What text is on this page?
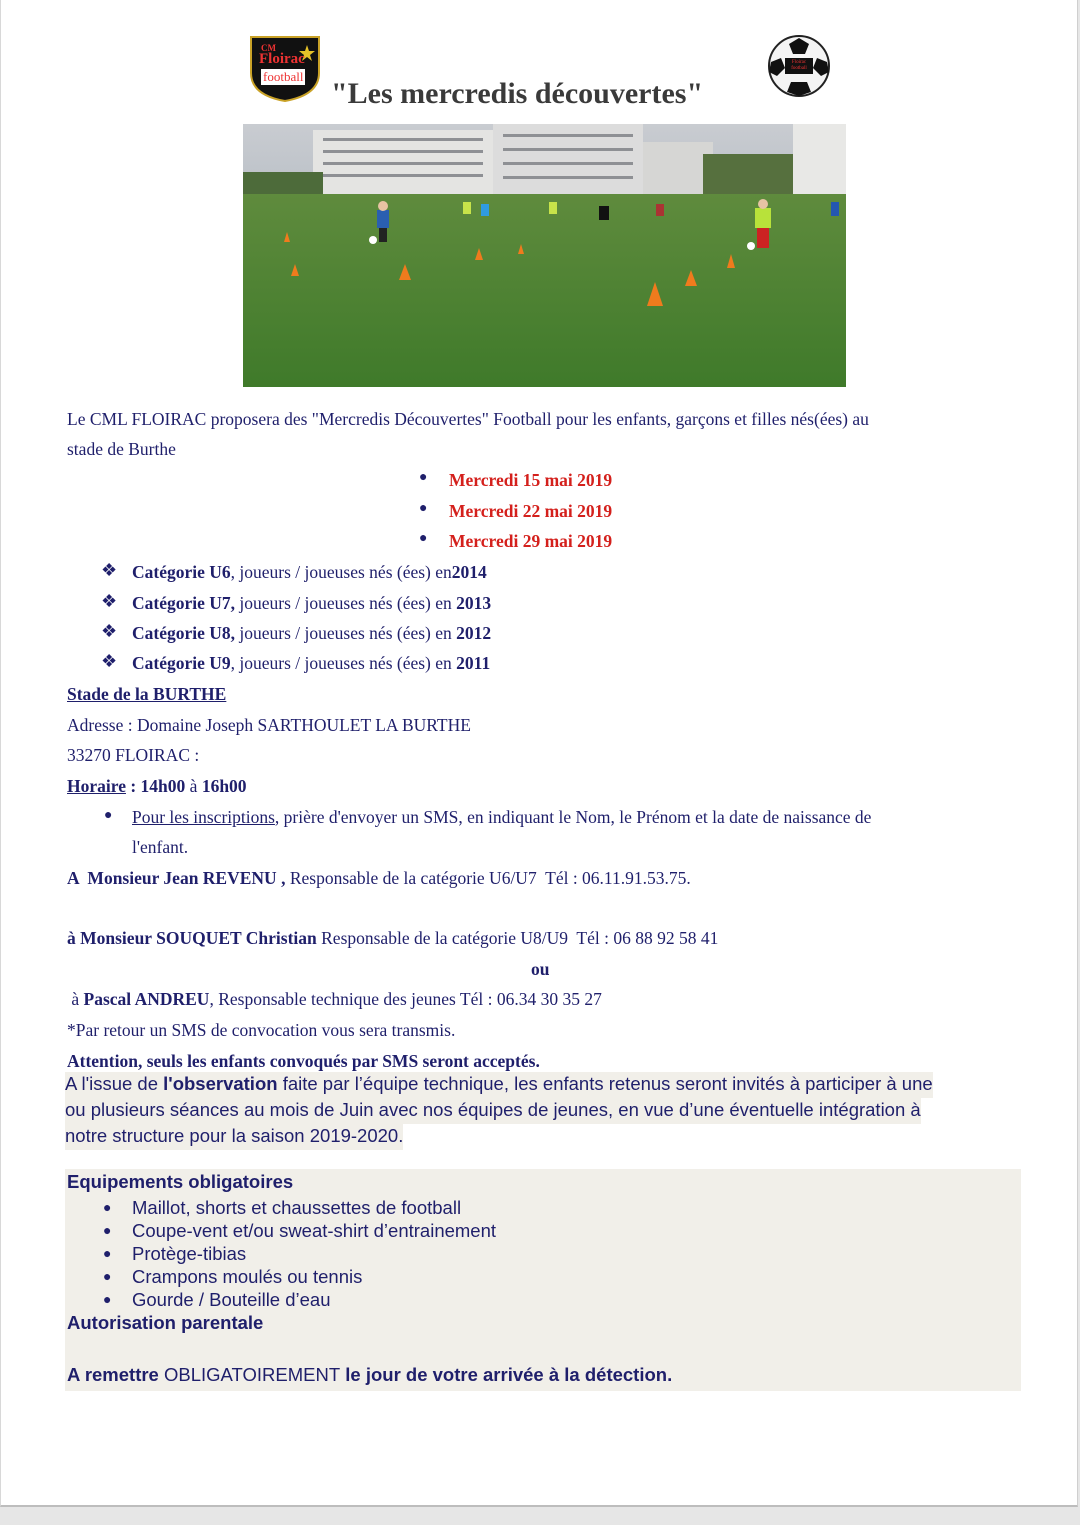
CM
Floirac
football
Floirac football
"Les mercredis découvertes"
Le CML FLOIRAC proposera des "Mercredis Découvertes" Football pour les enfants, garçons et filles nés(ées) au
stade de Burthe
● Mercredi 15 mai 2019
● Mercredi 22 mai 2019
● Mercredi 29 mai 2019
❖ Catégorie U6, joueurs / joueuses nés (ées) en2014
❖ Catégorie U7, joueurs / joueuses nés (ées) en 2013
❖ Catégorie U8, joueurs / joueuses nés (ées) en 2012
❖ Catégorie U9, joueurs / joueuses nés (ées) en 2011
Stade de la BURTHE
Adresse : Domaine Joseph SARTHOULET LA BURTHE
33270 FLOIRAC :
Horaire : 14h00 à 16h00
● Pour les inscriptions, prière d'envoyer un SMS, en indiquant le Nom, le Prénom et la date de naissance de
l'enfant.
A  Monsieur Jean REVENU , Responsable de la catégorie U6/U7  Tél : 06.11.91.53.75.
à Monsieur SOUQUET Christian Responsable de la catégorie U8/U9  Tél : 06 88 92 58 41
ou
à Pascal ANDREU, Responsable technique des jeunes Tél : 06.34 30 35 27
*Par retour un SMS de convocation vous sera transmis.
Attention, seuls les enfants convoqués par SMS seront acceptés.
A l'issue de l'observation faite par l’équipe technique, les enfants retenus seront invités à participer à une
ou plusieurs séances au mois de Juin avec nos équipes de jeunes, en vue d’une éventuelle intégration à
notre structure pour la saison 2019-2020.
Equipements obligatoires
● Maillot, shorts et chaussettes de football
● Coupe-vent et/ou sweat-shirt d’entrainement
● Protège-tibias
● Crampons moulés ou tennis
● Gourde / Bouteille d’eau
Autorisation parentale
A remettre OBLIGATOIREMENT le jour de votre arrivée à la détection.
